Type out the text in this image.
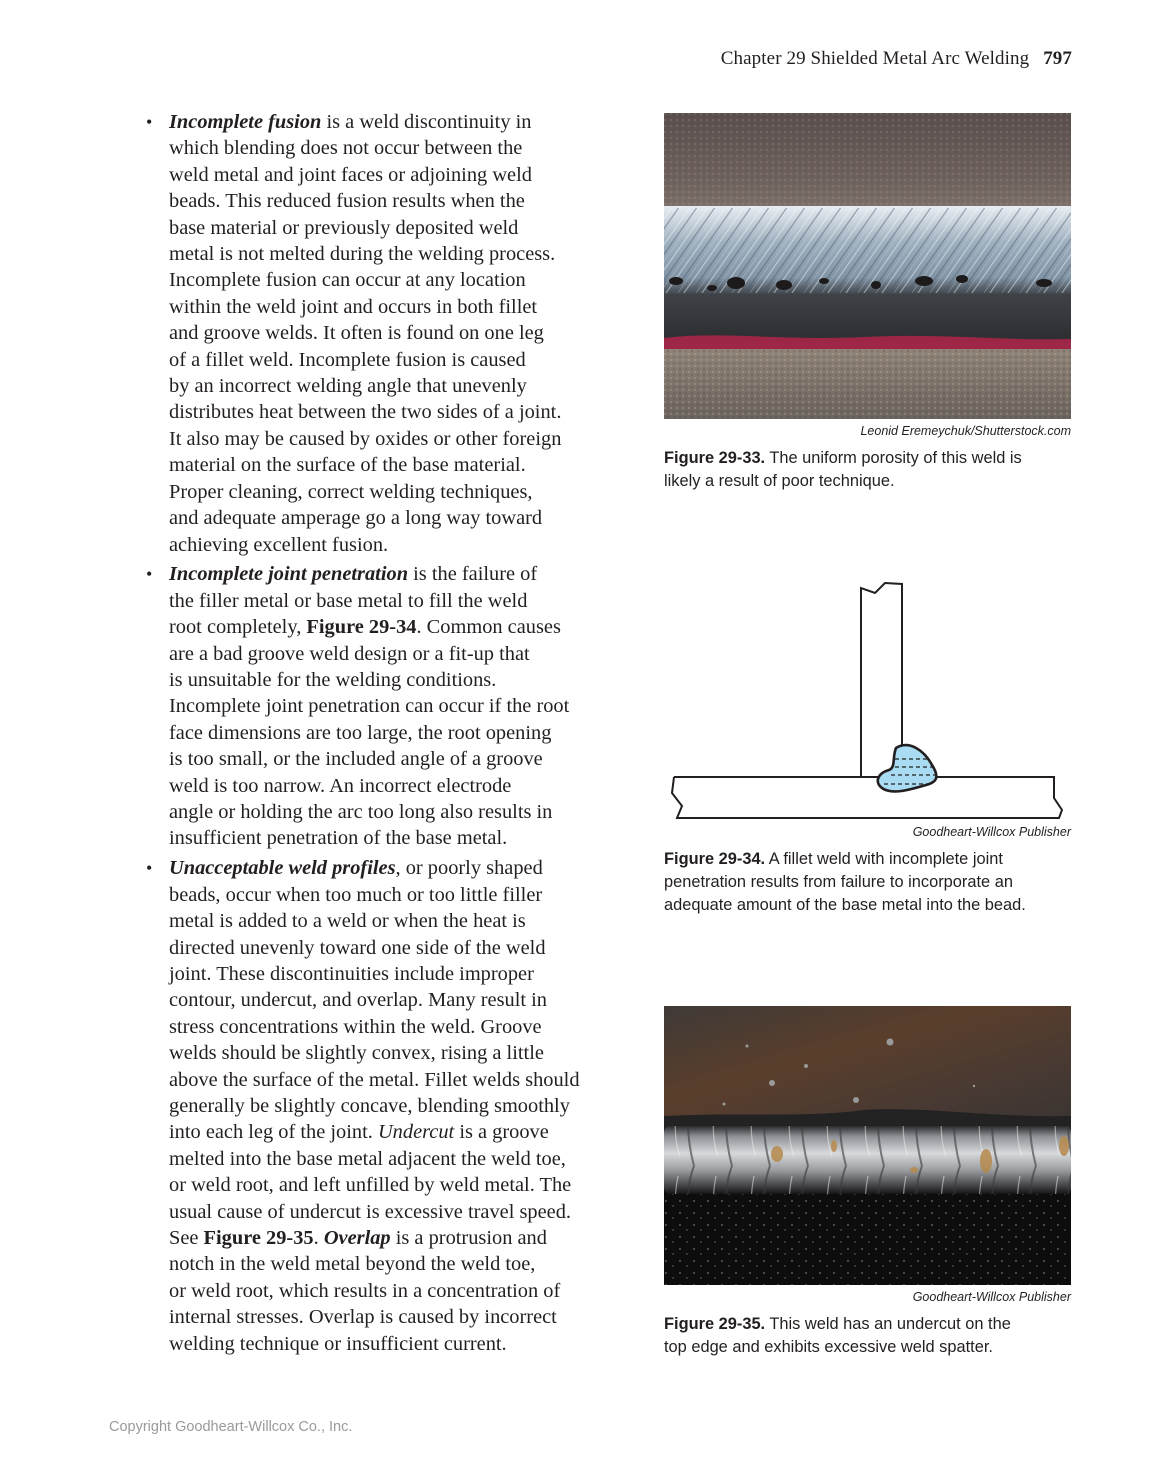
Chapter 29 Shielded Metal Arc Welding 797
• Incomplete fusion is a weld discontinuity in
which blending does not occur between the
weld metal and joint faces or adjoining weld
beads. This reduced fusion results when the
base material or previously deposited weld
metal is not melted during the welding process.
Incomplete fusion can occur at any location
within the weld joint and occurs in both fillet
and groove welds. It often is found on one leg
of a fillet weld. Incomplete fusion is caused
by an incorrect welding angle that unevenly
distributes heat between the two sides of a joint.
It also may be caused by oxides or other foreign
material on the surface of the base material.
Proper cleaning, correct welding techniques,
and adequate amperage go a long way toward
achieving excellent fusion.
• Incomplete joint penetration is the failure of
the filler metal or base metal to fill the weld
root completely, Figure 29-34. Common causes
are a bad groove weld design or a fit-up that
is unsuitable for the welding conditions.
Incomplete joint penetration can occur if the root
face dimensions are too large, the root opening
is too small, or the included angle of a groove
weld is too narrow. An incorrect electrode
angle or holding the arc too long also results in
insufficient penetration of the base metal.
• Unacceptable weld profiles, or poorly shaped
beads, occur when too much or too little filler
metal is added to a weld or when the heat is
directed unevenly toward one side of the weld
joint. These discontinuities include improper
contour, undercut, and overlap. Many result in
stress concentrations within the weld. Groove
welds should be slightly convex, rising a little
above the surface of the metal. Fillet welds should
generally be slightly concave, blending smoothly
into each leg of the joint. Undercut is a groove
melted into the base metal adjacent the weld toe,
or weld root, and left unfilled by weld metal. The
usual cause of undercut is excessive travel speed.
See Figure 29-35. Overlap is a protrusion and
notch in the weld metal beyond the weld toe,
or weld root, which results in a concentration of
internal stresses. Overlap is caused by incorrect
welding technique or insufficient current.
Leonid Eremeychuk/Shutterstock.com
Figure 29-33. The uniform porosity of this weld is
likely a result of poor technique.
Goodheart-Willcox Publisher
Figure 29-34. A fillet weld with incomplete joint
penetration results from failure to incorporate an
adequate amount of the base metal into the bead.
Goodheart-Willcox Publisher
Figure 29-35. This weld has an undercut on the
top edge and exhibits excessive weld spatter.
Copyright Goodheart-Willcox Co., Inc.
